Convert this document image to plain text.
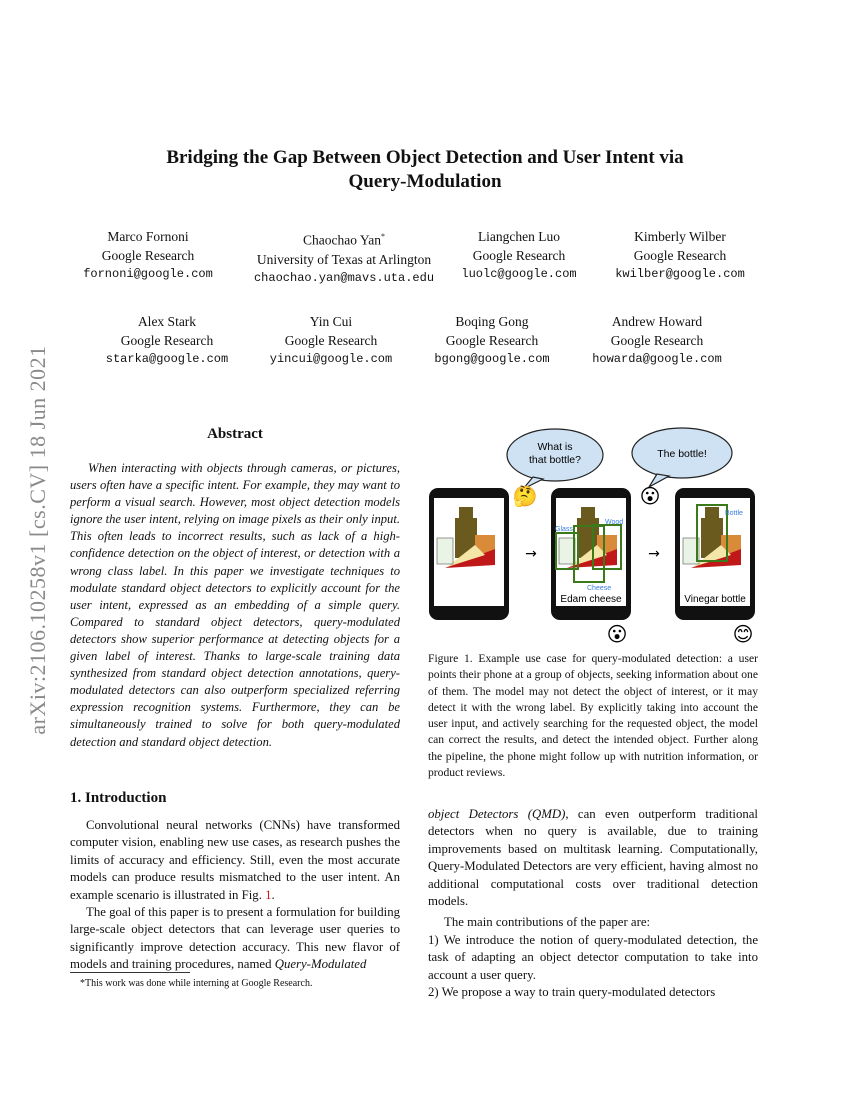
arXiv:2106.10258v1 [cs.CV] 18 Jun 2021
Bridging the Gap Between Object Detection and User Intent via
Query-Modulation
Marco Fornoni
Google Research
fornoni@google.com
Chaochao Yan*
University of Texas at Arlington
chaochao.yan@mavs.uta.edu
Liangchen Luo
Google Research
luolc@google.com
Kimberly Wilber
Google Research
kwilber@google.com
Alex Stark
Google Research
starka@google.com
Yin Cui
Google Research
yincui@google.com
Boqing Gong
Google Research
bgong@google.com
Andrew Howard
Google Research
howarda@google.com
Abstract
When interacting with objects through cameras, or pictures, users often have a specific intent. For example, they may want to perform a visual search. However, most object detection models ignore the user intent, relying on image pixels as their only input. This often leads to incorrect results, such as lack of a high-confidence detection on the object of interest, or detection with a wrong class label. In this paper we investigate techniques to modulate standard object detectors to explicitly account for the user intent, expressed as an embedding of a simple query. Compared to standard object detectors, query-modulated detectors show superior performance at detecting objects for a given label of interest. Thanks to large-scale training data synthesized from standard object detection annotations, query-modulated detectors can also outperform specialized referring expression recognition systems. Furthermore, they can be simultaneously trained to solve for both query-modulated detection and standard object detection.
What is
that bottle?	The bottle!
🤔	😮
😮	😊
→
Glass
Wood
Cheese
Edam cheese
→
Bottle
Vinegar bottle
Figure 1. Example use case for query-modulated detection: a user points their phone at a group of objects, seeking information about one of them. The model may not detect the object of interest, or it may detect it with the wrong label. By explicitly taking into account the user input, and actively searching for the requested object, the model can correct the results, and detect the intended object. Further along the pipeline, the phone might follow up with nutrition information, or product reviews.
1. Introduction

Convolutional neural networks (CNNs) have transformed computer vision, enabling new use cases, as research pushes the limits of accuracy and efficiency. Still, even the most accurate models can produce results mismatched to the user intent. An example scenario is illustrated in Fig. 1.

The goal of this paper is to present a formulation for building large-scale object detectors that can leverage user queries to significantly improve detection accuracy. This new flavor of models and training procedures, named Query-Modulated

*This work was done while interning at Google Research.

object Detectors (QMD), can even outperform traditional detectors when no query is available, due to training improvements based on multitask learning. Computationally, Query-Modulated Detectors are very efficient, having almost no additional computational costs over traditional detection models.

The main contributions of the paper are:

1) We introduce the notion of query-modulated detection, the task of adapting an object detector computation to take into account a user query.

2) We propose a way to train query-modulated detectors
